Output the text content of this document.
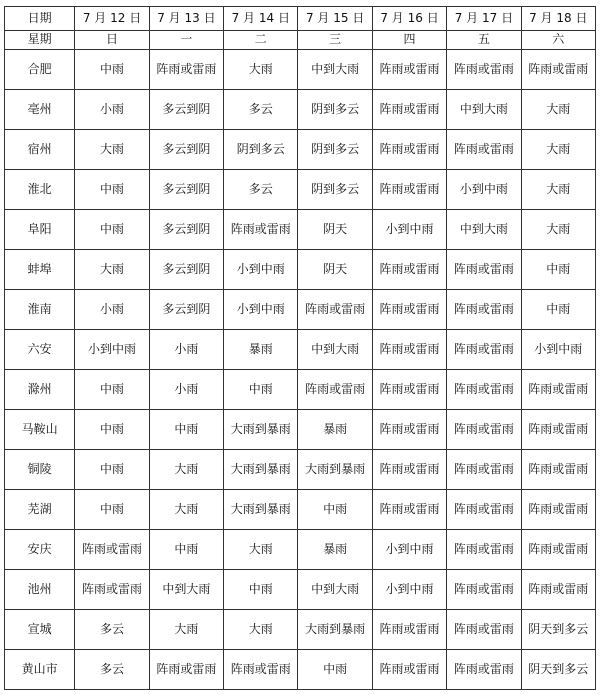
日期	7 月 12 日	7 月 13 日	7 月 14 日	7 月 15 日	7 月 16 日	7 月 17 日	7 月 18 日
星期	日	一	二	三	四	五	六
合肥	中雨	阵雨或雷雨	大雨	中到大雨	阵雨或雷雨	阵雨或雷雨	阵雨或雷雨
亳州	小雨	多云到阴	多云	阴到多云	阵雨或雷雨	中到大雨	大雨
宿州	大雨	多云到阴	阴到多云	阴到多云	阵雨或雷雨	阵雨或雷雨	大雨
淮北	中雨	多云到阴	多云	阴到多云	阵雨或雷雨	小到中雨	大雨
阜阳	中雨	多云到阴	阵雨或雷雨	阴天	小到中雨	中到大雨	大雨
蚌埠	大雨	多云到阴	小到中雨	阴天	阵雨或雷雨	阵雨或雷雨	中雨
淮南	小雨	多云到阴	小到中雨	阵雨或雷雨	阵雨或雷雨	阵雨或雷雨	中雨
六安	小到中雨	小雨	暴雨	中到大雨	阵雨或雷雨	阵雨或雷雨	小到中雨
滁州	中雨	小雨	中雨	阵雨或雷雨	阵雨或雷雨	阵雨或雷雨	阵雨或雷雨
马鞍山	中雨	中雨	大雨到暴雨	暴雨	阵雨或雷雨	阵雨或雷雨	阵雨或雷雨
铜陵	中雨	大雨	大雨到暴雨	大雨到暴雨	阵雨或雷雨	阵雨或雷雨	阵雨或雷雨
芜湖	中雨	大雨	大雨到暴雨	中雨	阵雨或雷雨	阵雨或雷雨	阵雨或雷雨
安庆	阵雨或雷雨	中雨	大雨	暴雨	小到中雨	阵雨或雷雨	阵雨或雷雨
池州	阵雨或雷雨	中到大雨	中雨	中到大雨	小到中雨	阵雨或雷雨	阵雨或雷雨
宣城	多云	大雨	大雨	大雨到暴雨	阵雨或雷雨	阵雨或雷雨	阴天到多云
黄山市	多云	阵雨或雷雨	阵雨或雷雨	中雨	阵雨或雷雨	阵雨或雷雨	阴天到多云
